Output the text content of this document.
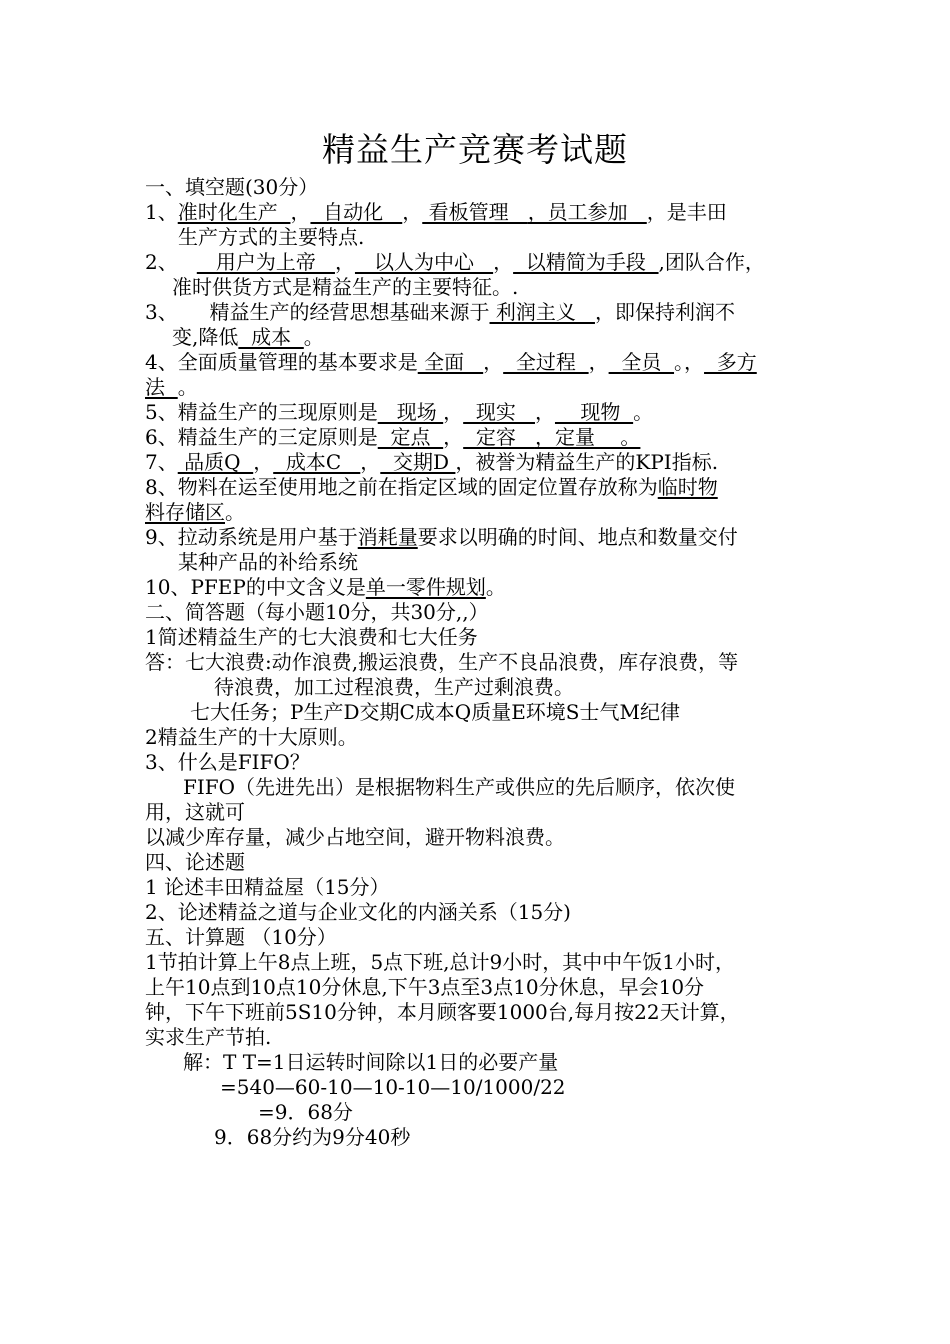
精益生产竞赛考试题
一、填空题(30分）
1、准时化生产  ，  自动化   ， 看板管理   ，员工参加   ，是丰田
生产方式的主要特点.
2、      用户为上帝   ，   以人为中心   ，  以精简为手段  ,团队合作，
准时供货方式是精益生产的主要特征。.
3、     精益生产的经营思想基础来源于 利润主义   ，即保持利润不
变,降低  成本  。
4、全面质量管理的基本要求是 全面   ，  全过程  ，  全员  。，  多方
法  。
5、精益生产的三现原则是   现场 ，  现实   ，    现物  。
6、精益生产的三定原则是  定点  ，  定容   ，定量    。
7、 品质Q  ，  成本C   ，  交期D ，被誉为精益生产的KPI指标.
8、物料在运至使用地之前在指定区域的固定位置存放称为临时物
料存储区。
9、拉动系统是用户基于消耗量要求以明确的时间、地点和数量交付
某种产品的补给系统
10、PFEP的中文含义是单一零件规划。
二、简答题（每小题10分，共30分,,）
1简述精益生产的七大浪费和七大任务
答：七大浪费:动作浪费,搬运浪费，生产不良品浪费，库存浪费，等
待浪费，加工过程浪费，生产过剩浪费。
七大任务；P生产D交期C成本Q质量E环境S士气M纪律
2精益生产的十大原则。
3、什么是FIFO？
FIFO（先进先出）是根据物料生产或供应的先后顺序，依次使
用，这就可
以减少库存量，减少占地空间，避开物料浪费。
四、论述题
1 论述丰田精益屋（15分）
2、论述精益之道与企业文化的内涵关系（15分)
五、计算题 （10分）
1节拍计算上午8点上班，5点下班,总计9小时，其中中午饭1小时，
上午10点到10点10分休息,下午3点至3点10分休息，早会10分
钟，下午下班前5S10分钟，本月顾客要1000台,每月按22天计算，
实求生产节拍.
解：T T=1日运转时间除以1日的必要产量
=540—60-10—10-10—10/1000/22
=9．68分
9．68分约为9分40秒
